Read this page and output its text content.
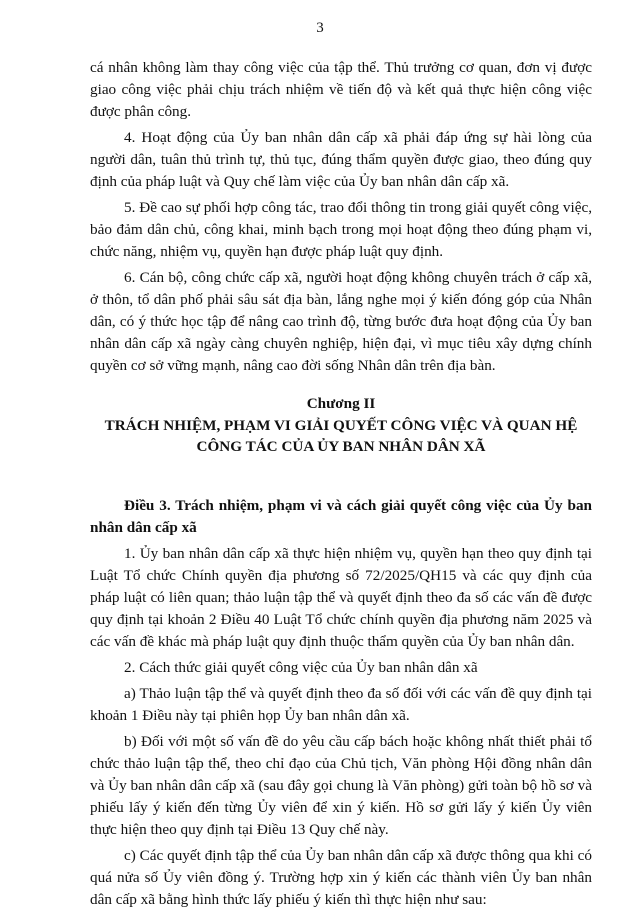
3

cá nhân không làm thay công việc của tập thể. Thủ trưởng cơ quan, đơn vị được giao công việc phải chịu trách nhiệm về tiến độ và kết quả thực hiện công việc được phân công.

4. Hoạt động của Ủy ban nhân dân cấp xã phải đáp ứng sự hài lòng của người dân, tuân thủ trình tự, thủ tục, đúng thẩm quyền được giao, theo đúng quy định của pháp luật và Quy chế làm việc của Ủy ban nhân dân cấp xã.

5. Đề cao sự phối hợp công tác, trao đổi thông tin trong giải quyết công việc, bảo đảm dân chủ, công khai, minh bạch trong mọi hoạt động theo đúng phạm vi, chức năng, nhiệm vụ, quyền hạn được pháp luật quy định.

6. Cán bộ, công chức cấp xã, người hoạt động không chuyên trách ở cấp xã, ở thôn, tổ dân phố phải sâu sát địa bàn, lắng nghe mọi ý kiến đóng góp của Nhân dân, có ý thức học tập để nâng cao trình độ, từng bước đưa hoạt động của Ủy ban nhân dân cấp xã ngày càng chuyên nghiệp, hiện đại, vì mục tiêu xây dựng chính quyền cơ sở vững mạnh, nâng cao đời sống Nhân dân trên địa bàn.

Chương II
TRÁCH NHIỆM, PHẠM VI GIẢI QUYẾT CÔNG VIỆC VÀ QUAN HỆ CÔNG TÁC CỦA ỦY BAN NHÂN DÂN XÃ

Điều 3. Trách nhiệm, phạm vi và cách giải quyết công việc của Ủy ban nhân dân cấp xã

1. Ủy ban nhân dân cấp xã thực hiện nhiệm vụ, quyền hạn theo quy định tại Luật Tổ chức Chính quyền địa phương số 72/2025/QH15 và các quy định của pháp luật có liên quan; thảo luận tập thể và quyết định theo đa số các vấn đề được quy định tại khoản 2 Điều 40 Luật Tổ chức chính quyền địa phương năm 2025 và các vấn đề khác mà pháp luật quy định thuộc thẩm quyền của Ủy ban nhân dân.

2. Cách thức giải quyết công việc của Ủy ban nhân dân xã

a) Thảo luận tập thể và quyết định theo đa số đối với các vấn đề quy định tại khoản 1 Điều này tại phiên họp Ủy ban nhân dân xã.

b) Đối với một số vấn đề do yêu cầu cấp bách hoặc không nhất thiết phải tổ chức thảo luận tập thể, theo chỉ đạo của Chủ tịch, Văn phòng Hội đồng nhân dân và Ủy ban nhân dân cấp xã (sau đây gọi chung là Văn phòng) gửi toàn bộ hồ sơ và phiếu lấy ý kiến đến từng Ủy viên để xin ý kiến. Hồ sơ gửi lấy ý kiến Ủy viên thực hiện theo quy định tại Điều 13 Quy chế này.

c) Các quyết định tập thể của Ủy ban nhân dân cấp xã được thông qua khi có quá nửa số Ủy viên đồng ý. Trường hợp xin ý kiến các thành viên Ủy ban nhân dân cấp xã bằng hình thức lấy phiếu ý kiến thì thực hiện như sau:
